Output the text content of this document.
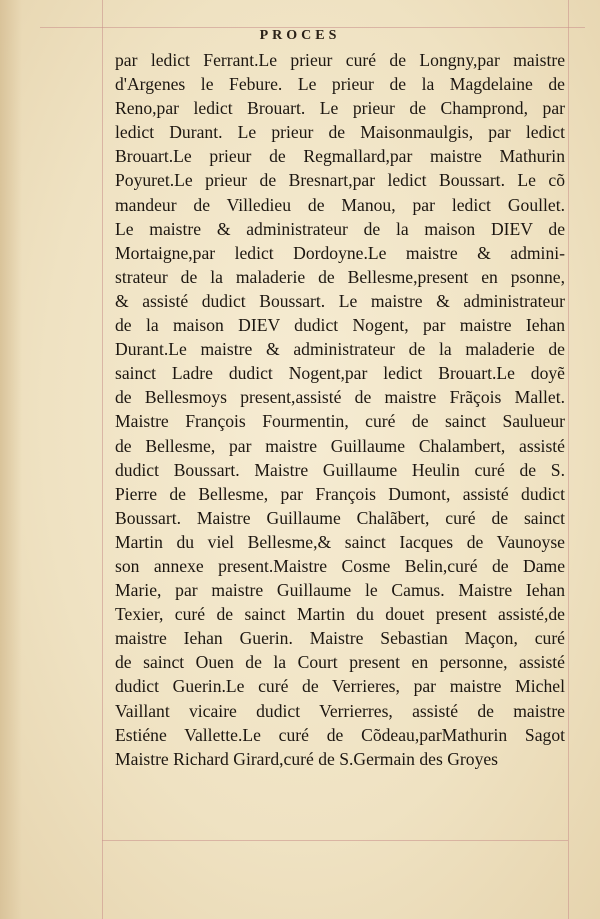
PROCES
par ledict Ferrant.Le prieur curé de Longny,par maistre
d'Argenes le Febure. Le prieur de la Magdelaine de
Reno,par ledict Brouart. Le prieur de Champrond, par
ledict Durant. Le prieur de Maisonmaulgis, par ledict
Brouart.Le prieur de Regmallard,par maistre Mathurin
Poyuret.Le prieur de Bresnart,par ledict Boussart. Le cõ
mandeur de Villedieu de Manou, par ledict Goullet.
Le maistre & administrateur de la maison DIEV de
Mortaigne,par ledict Dordoyne.Le maistre & admini-
strateur de la maladerie de Bellesme,present en psonne,
& assisté dudict Boussart. Le maistre & administrateur
de la maison DIEV dudict Nogent, par maistre Iehan
Durant.Le maistre & administrateur de la maladerie de
sainct Ladre dudict Nogent,par ledict Brouart.Le doyẽ
de Bellesmoys present,assisté de maistre Frãçois Mallet.
Maistre François Fourmentin, curé de sainct Saulueur
de Bellesme, par maistre Guillaume Chalambert, assisté
dudict Boussart. Maistre Guillaume Heulin curé de S.
Pierre de Bellesme, par François Dumont, assisté dudict
Boussart. Maistre Guillaume Chalãbert, curé de sainct
Martin du viel Bellesme,& sainct Iacques de Vaunoyse
son annexe present.Maistre Cosme Belin,curé de Dame
Marie, par maistre Guillaume le Camus. Maistre Iehan
Texier, curé de sainct Martin du douet present assisté,de
maistre Iehan Guerin. Maistre Sebastian Maçon, curé
de sainct Ouen de la Court present en personne, assisté
dudict Guerin.Le curé de Verrieres, par maistre Michel
Vaillant vicaire dudict Verrierres, assisté de maistre
Estiéne Vallette.Le curé de Cõdeau,parMathurin Sagot
Maistre Richard Girard,curé de S.Germain des Groyes
